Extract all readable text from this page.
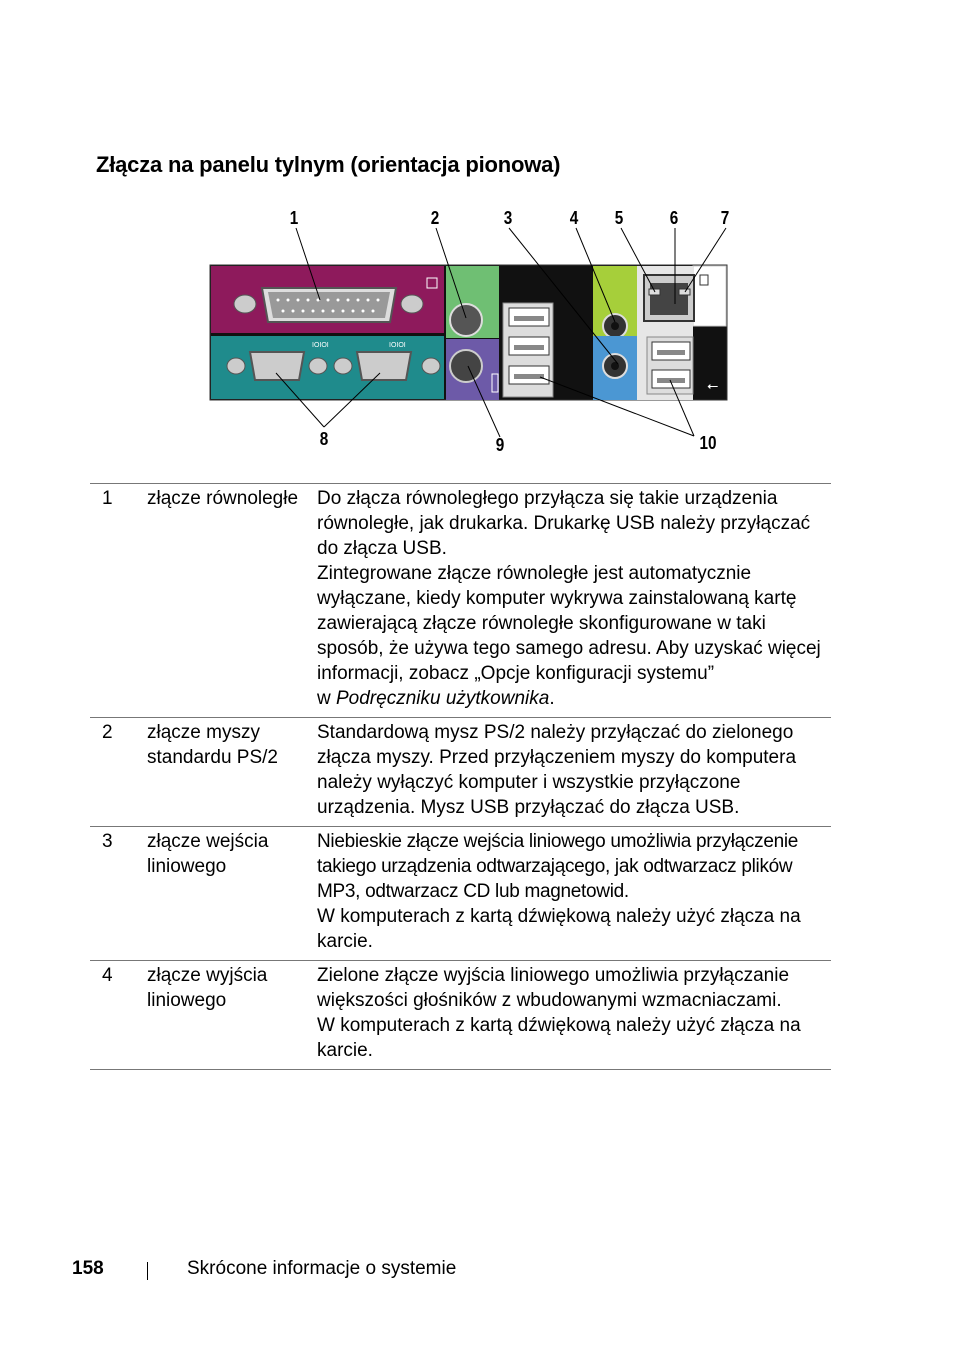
Złącza na panelu tylnym (orientacja pionowa)
1	2	3	4 5	6 7
8	9	10
IOIOI	IOIOI
⭠
1	złącze równoległe	Do złącza równoległego przyłącza się takie urządzenia równoległe, jak drukarka. Drukarkę USB należy przyłączać do złącza USB.

Zintegrowane złącze równoległe jest automatycznie wyłączane, kiedy komputer wykrywa zainstalowaną kartę zawierającą złącze równoległe skonfigurowane w taki sposób, że używa tego samego adresu. Aby uzyskać więcej informacji, zobacz „Opcje konfiguracji systemu”
w Podręczniku użytkownika.

2	złącze myszy standardu PS/2	Standardową mysz PS/2 należy przyłączać do zielonego złącza myszy. Przed przyłączeniem myszy do komputera należy wyłączyć komputer i wszystkie przyłączone urządzenia. Mysz USB przyłączać do złącza USB.

3	złącze wejścia liniowego	Niebieskie złącze wejścia liniowego umożliwia przyłączenie takiego urządzenia odtwarzającego, jak odtwarzacz plików MP3, odtwarzacz CD lub magnetowid.

W komputerach z kartą dźwiękową należy użyć złącza na karcie.

4	złącze wyjścia liniowego	Zielone złącze wyjścia liniowego umożliwia przyłączanie większości głośników z wbudowanymi wzmacniaczami.

W komputerach z kartą dźwiękową należy użyć złącza na karcie.

158	Skrócone informacje o systemie
